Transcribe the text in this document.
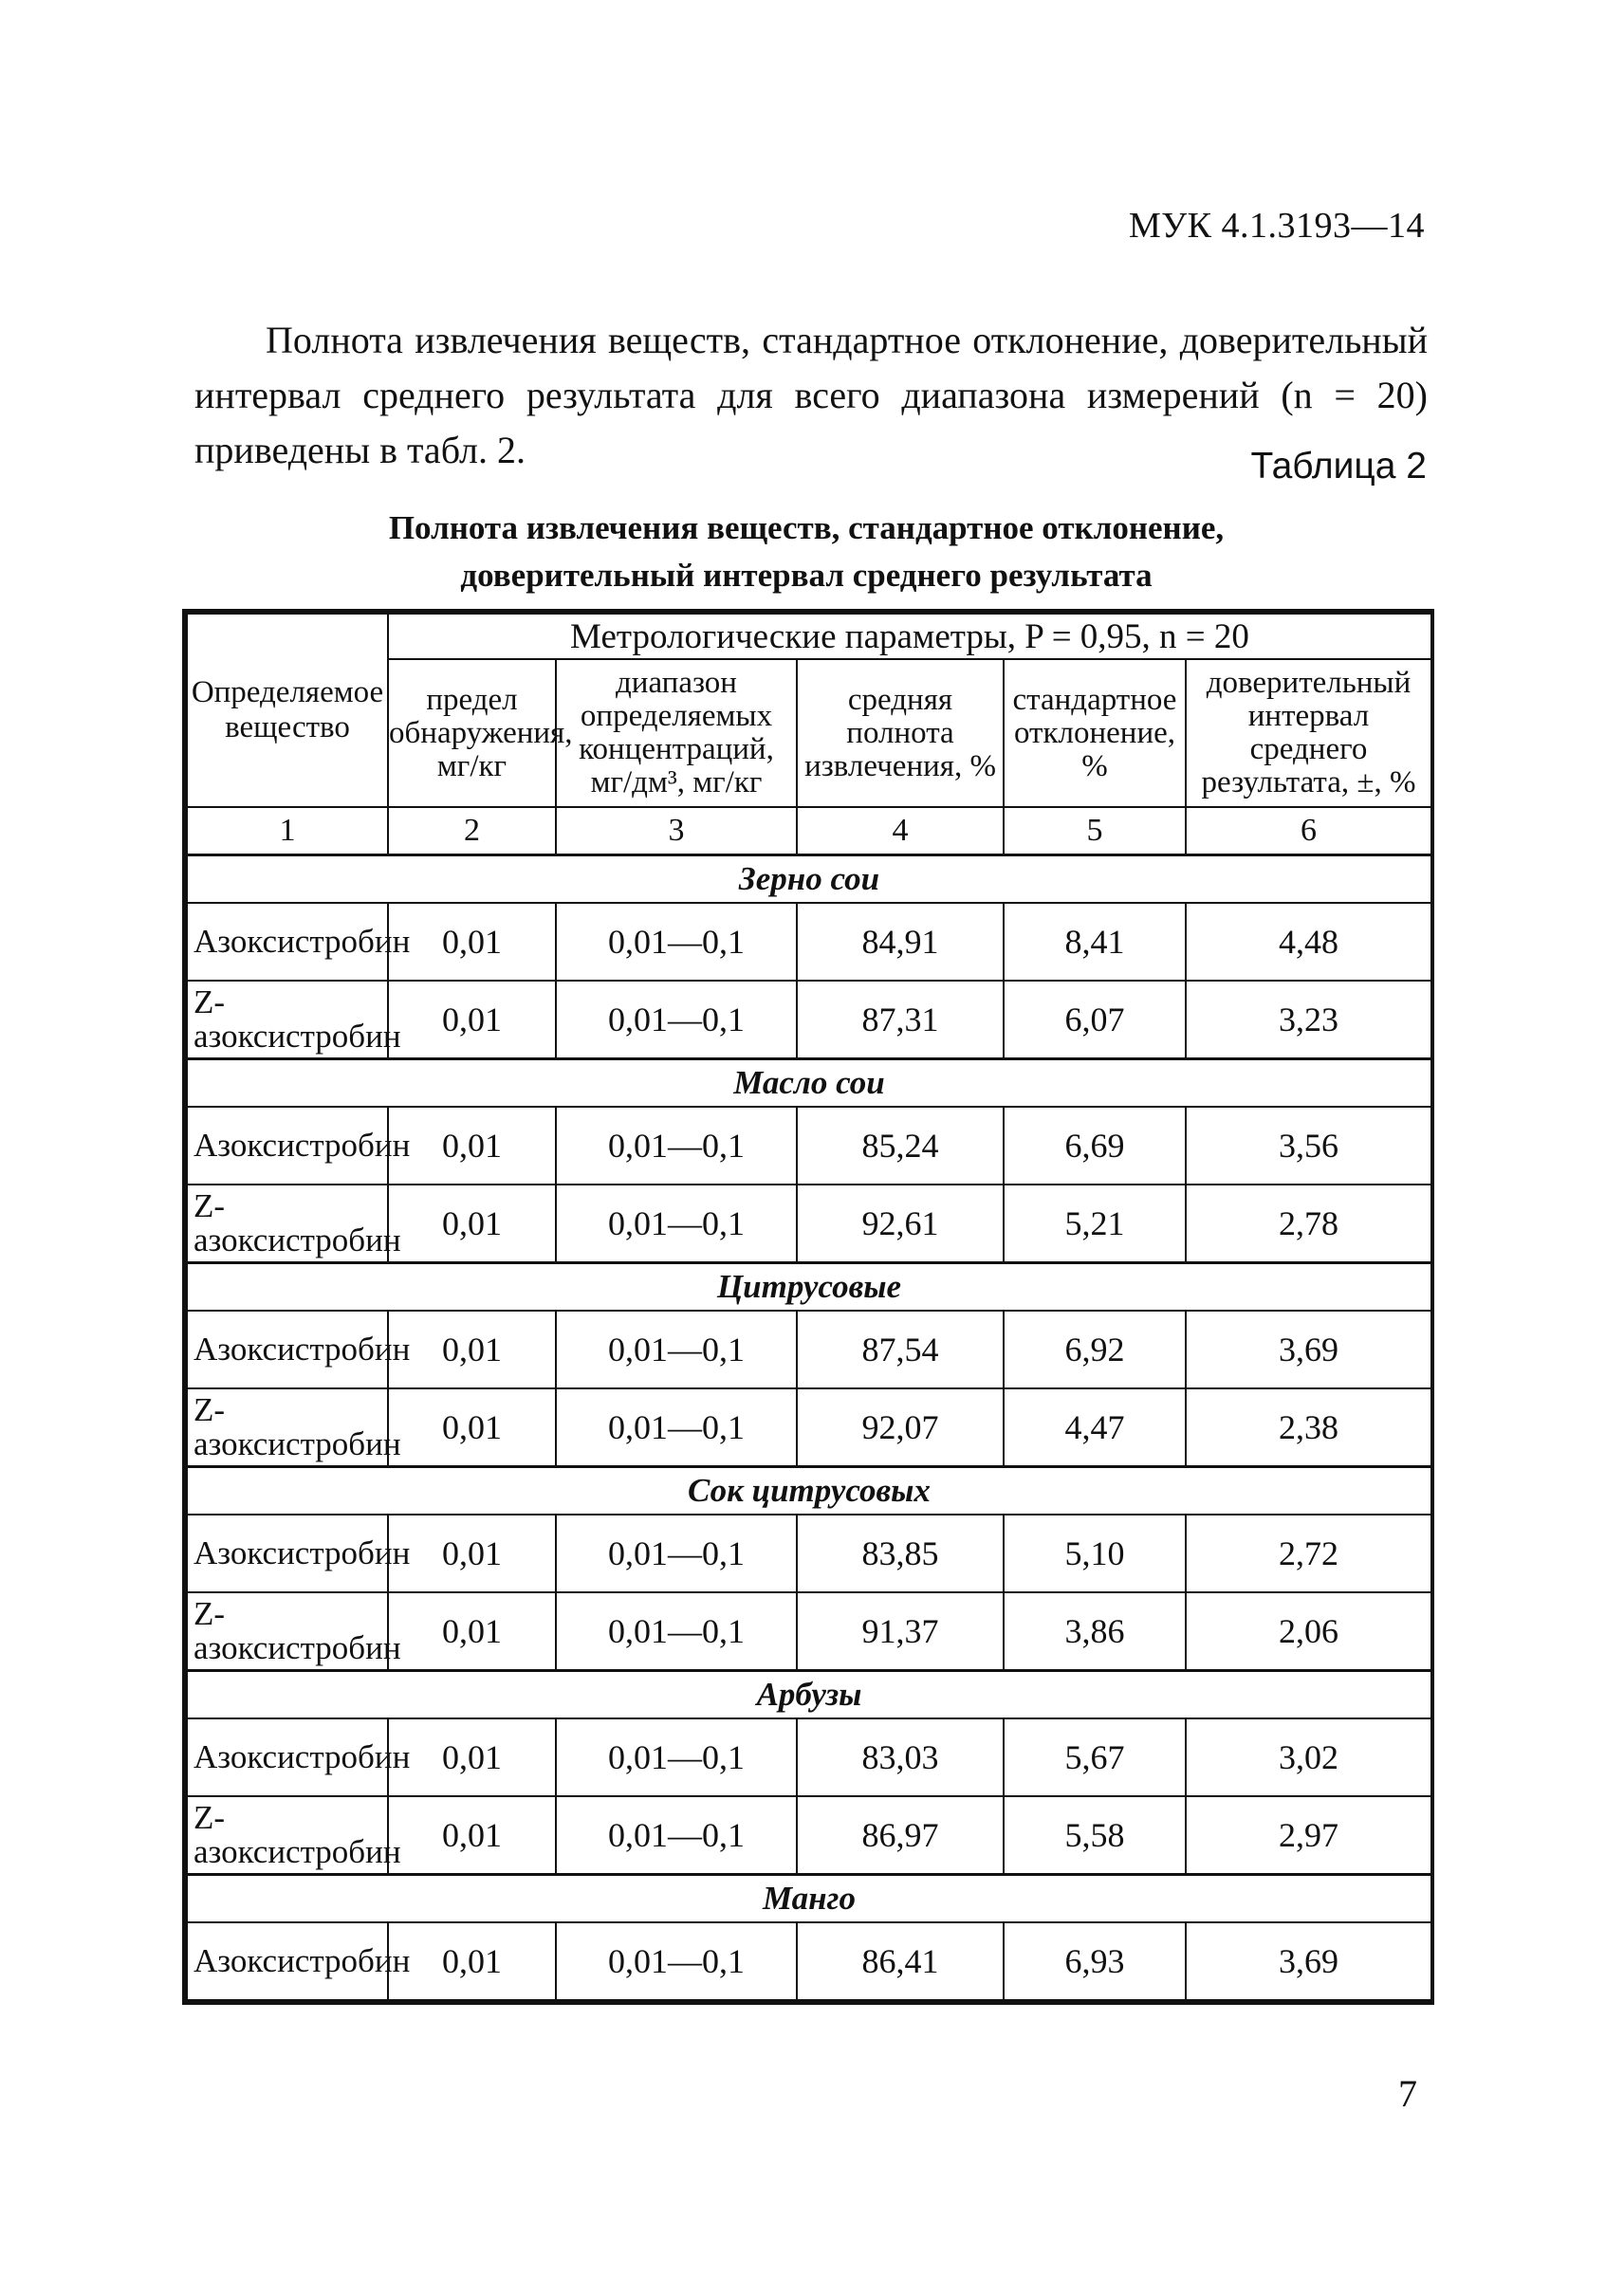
МУК 4.1.3193—14

Полнота извлечения веществ, стандартное отклонение, доверительный интервал среднего результата для всего диапазона измерений (n = 20) приведены в табл. 2.	Таблица 2
Полнота извлечения веществ, стандартное отклонение,
доверительный интервал среднего результата
Определяемое вещество	Метрологические параметры, P = 0,95, n = 20				
	предел обнаружения, мг/кг	диапазон определяемых концентраций, мг/дм³, мг/кг	средняя полнота извлечения, %	стандартное отклонение, %	доверительный интервал среднего результата, ±, %
1	2	3	4	5	6
Зерно сои					
Азоксистробин	0,01	0,01—0,1	84,91	8,41	4,48
Z-азоксистробин	0,01	0,01—0,1	87,31	6,07	3,23
Масло сои					
Азоксистробин	0,01	0,01—0,1	85,24	6,69	3,56
Z-азоксистробин	0,01	0,01—0,1	92,61	5,21	2,78
Цитрусовые					
Азоксистробин	0,01	0,01—0,1	87,54	6,92	3,69
Z-азоксистробин	0,01	0,01—0,1	92,07	4,47	2,38
Сок цитрусовых					
Азоксистробин	0,01	0,01—0,1	83,85	5,10	2,72
Z-азоксистробин	0,01	0,01—0,1	91,37	3,86	2,06
Арбузы					
Азоксистробин	0,01	0,01—0,1	83,03	5,67	3,02
Z-азоксистробин	0,01	0,01—0,1	86,97	5,58	2,97
Манго					
Азоксистробин	0,01	0,01—0,1	86,41	6,93	3,69
7
